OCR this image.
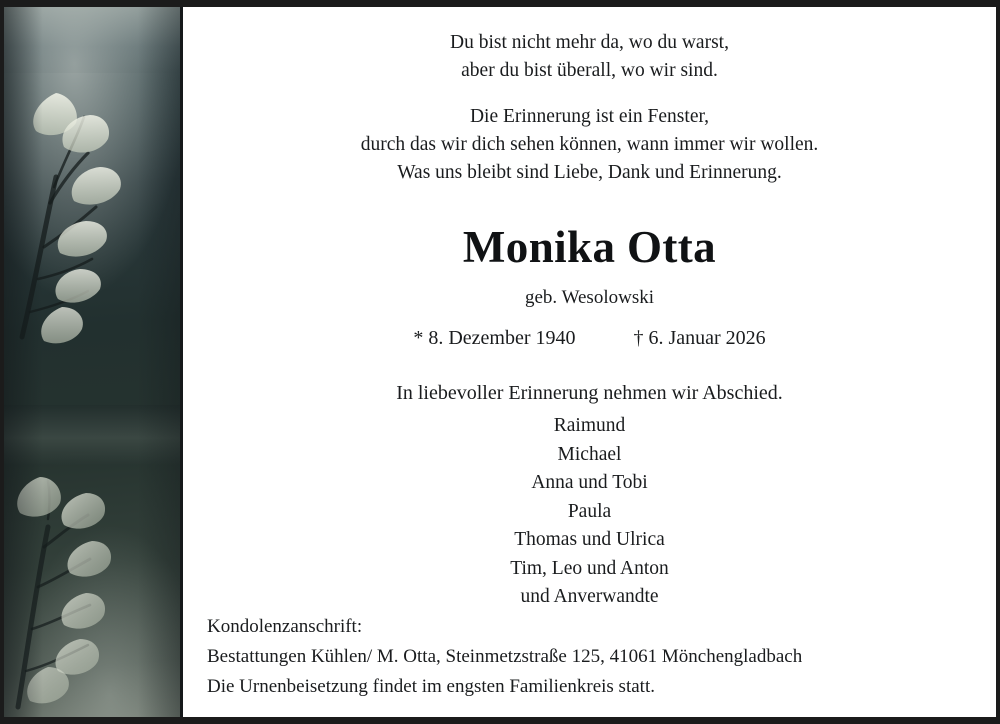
Du bist nicht mehr da, wo du warst,

aber du bist überall, wo wir sind.

Die Erinnerung ist ein Fenster,

durch das wir dich sehen können, wann immer wir wollen.

Was uns bleibt sind Liebe, Dank und Erinnerung.

Monika Otta
geb. Wesolowski
* 8. Dezember 1940	† 6. Januar 2026
In liebevoller Erinnerung nehmen wir Abschied.
Raimund
Michael
Anna und Tobi
Paula
Thomas und Ulrica
Tim, Leo und Anton
und Anverwandte
Kondolenzanschrift:
Bestattungen Kühlen/ M. Otta, Steinmetzstraße 125, 41061 Mönchengladbach
Die Urnenbeisetzung findet im engsten Familienkreis statt.
